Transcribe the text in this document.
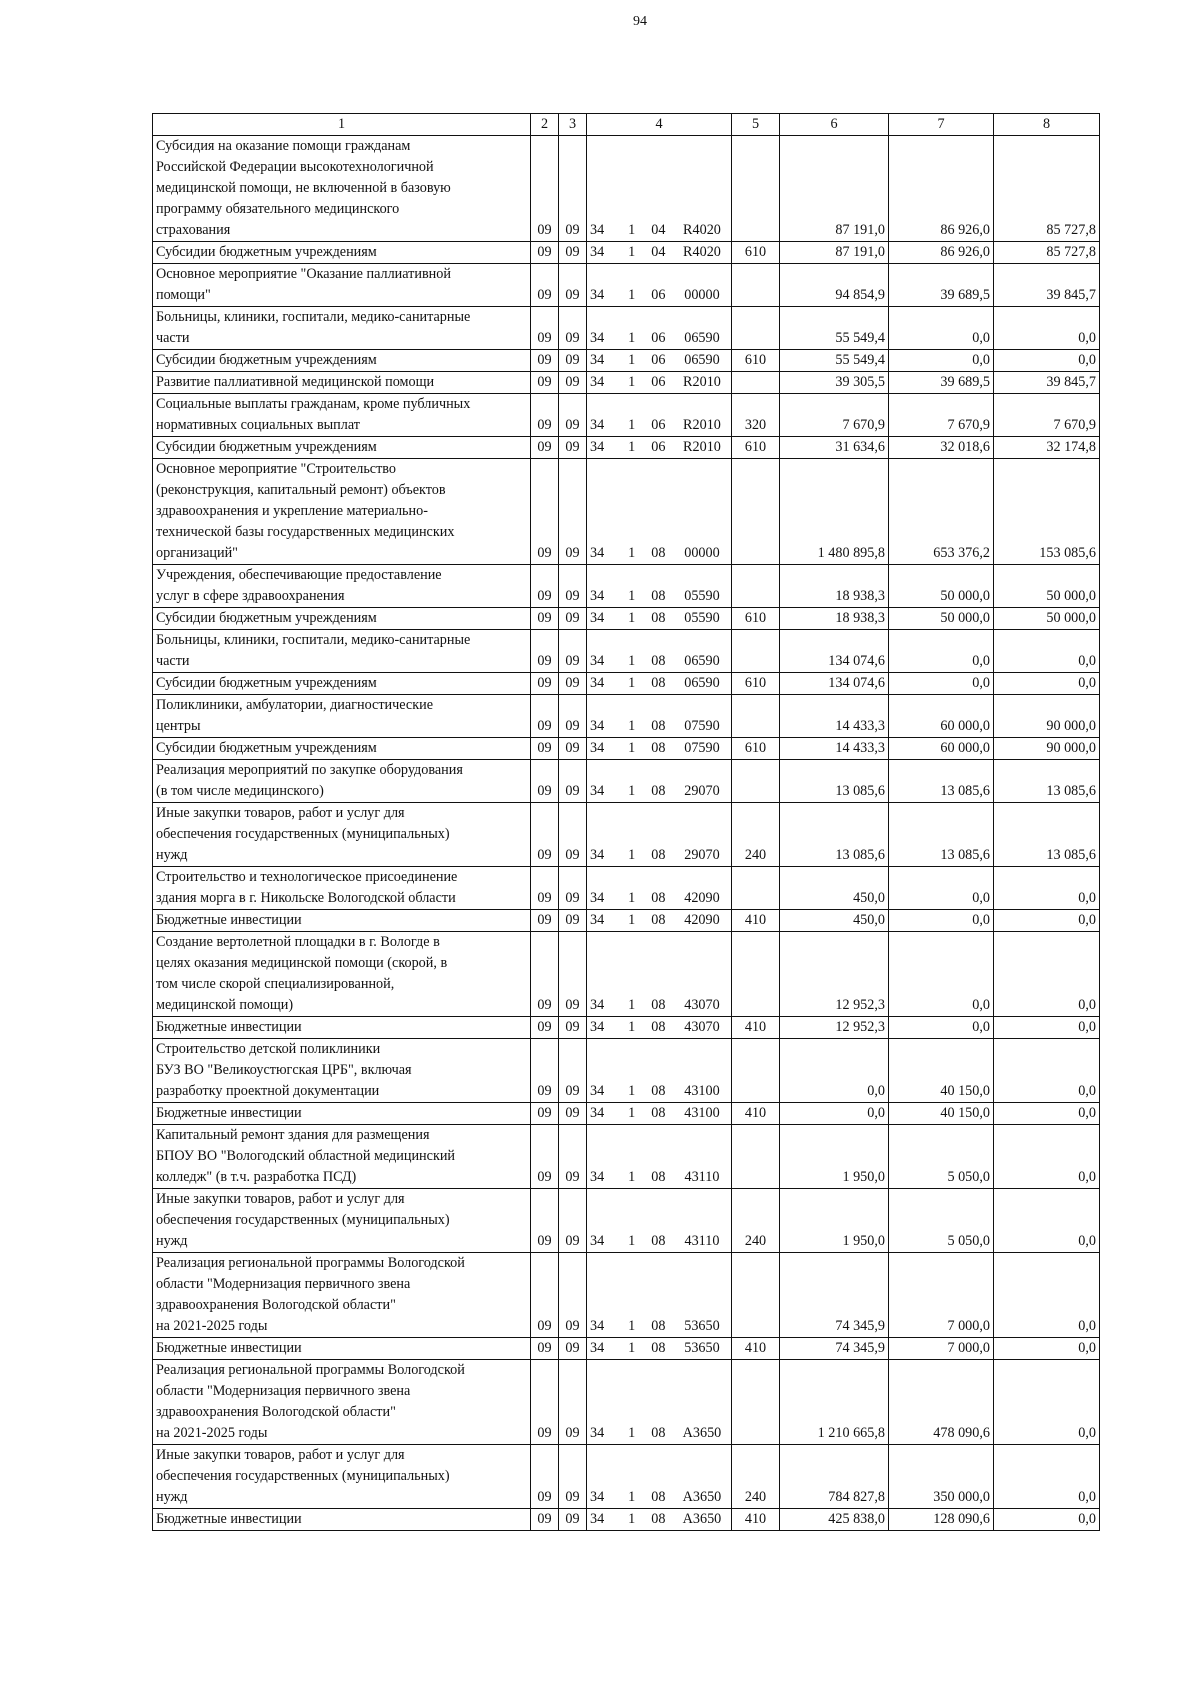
94
1	2	3	4	5	6	7	8

Субсидия на оказание помощи гражданам
Российской Федерации высокотехнологичной
медицинской помощи, не включенной в базовую
программу обязательного медицинского
страхования	09	09	34 1 04 R4020		87 191,0	86 926,0	85 727,8

Субсидии бюджетным учреждениям	09	09	34 1 04 R4020	610	87 191,0	86 926,0	85 727,8

Основное мероприятие "Оказание паллиативной
помощи"	09	09	34 1 06 00000		94 854,9	39 689,5	39 845,7

Больницы, клиники, госпитали, медико-санитарные
части	09	09	34 1 06 06590		55 549,4	0,0	0,0

Субсидии бюджетным учреждениям	09	09	34 1 06 06590	610	55 549,4	0,0	0,0

Развитие паллиативной медицинской помощи	09	09	34 1 06 R2010		39 305,5	39 689,5	39 845,7

Социальные выплаты гражданам, кроме публичных
нормативных социальных выплат	09	09	34 1 06 R2010	320	7 670,9	7 670,9	7 670,9

Субсидии бюджетным учреждениям	09	09	34 1 06 R2010	610	31 634,6	32 018,6	32 174,8

Основное мероприятие "Строительство
(реконструкция, капитальный ремонт) объектов
здравоохранения и укрепление материально-
технической базы государственных медицинских
организаций"	09	09	34 1 08 00000		1 480 895,8	653 376,2	153 085,6

Учреждения, обеспечивающие предоставление
услуг в сфере здравоохранения	09	09	34 1 08 05590		18 938,3	50 000,0	50 000,0

Субсидии бюджетным учреждениям	09	09	34 1 08 05590	610	18 938,3	50 000,0	50 000,0

Больницы, клиники, госпитали, медико-санитарные
части	09	09	34 1 08 06590		134 074,6	0,0	0,0

Субсидии бюджетным учреждениям	09	09	34 1 08 06590	610	134 074,6	0,0	0,0

Поликлиники, амбулатории, диагностические
центры	09	09	34 1 08 07590		14 433,3	60 000,0	90 000,0

Субсидии бюджетным учреждениям	09	09	34 1 08 07590	610	14 433,3	60 000,0	90 000,0

Реализация мероприятий по закупке оборудования
(в том числе медицинского)	09	09	34 1 08 29070		13 085,6	13 085,6	13 085,6

Иные закупки товаров, работ и услуг для
обеспечения государственных (муниципальных)
нужд	09	09	34 1 08 29070	240	13 085,6	13 085,6	13 085,6

Строительство и технологическое присоединение
здания морга в г. Никольске Вологодской области	09	09	34 1 08 42090		450,0	0,0	0,0

Бюджетные инвестиции	09	09	34 1 08 42090	410	450,0	0,0	0,0

Создание вертолетной площадки в г. Вологде в
целях оказания медицинской помощи (скорой, в
том числе скорой специализированной,
медицинской помощи)	09	09	34 1 08 43070		12 952,3	0,0	0,0

Бюджетные инвестиции	09	09	34 1 08 43070	410	12 952,3	0,0	0,0

Строительство детской поликлиники
БУЗ ВО "Великоустюгская ЦРБ", включая
разработку проектной документации	09	09	34 1 08 43100		0,0	40 150,0	0,0

Бюджетные инвестиции	09	09	34 1 08 43100	410	0,0	40 150,0	0,0

Капитальный ремонт здания для размещения
БПОУ ВО "Вологодский областной медицинский
колледж" (в т.ч. разработка ПСД)	09	09	34 1 08 43110		1 950,0	5 050,0	0,0

Иные закупки товаров, работ и услуг для
обеспечения государственных (муниципальных)
нужд	09	09	34 1 08 43110	240	1 950,0	5 050,0	0,0

Реализация региональной программы Вологодской
области "Модернизация первичного звена
здравоохранения Вологодской области"
на 2021-2025 годы	09	09	34 1 08 53650		74 345,9	7 000,0	0,0

Бюджетные инвестиции	09	09	34 1 08 53650	410	74 345,9	7 000,0	0,0

Реализация региональной программы Вологодской
области "Модернизация первичного звена
здравоохранения Вологодской области"
на 2021-2025 годы	09	09	34 1 08 А3650		1 210 665,8	478 090,6	0,0

Иные закупки товаров, работ и услуг для
обеспечения государственных (муниципальных)
нужд	09	09	34 1 08 А3650	240	784 827,8	350 000,0	0,0

Бюджетные инвестиции	09	09	34 1 08 А3650	410	425 838,0	128 090,6	0,0
